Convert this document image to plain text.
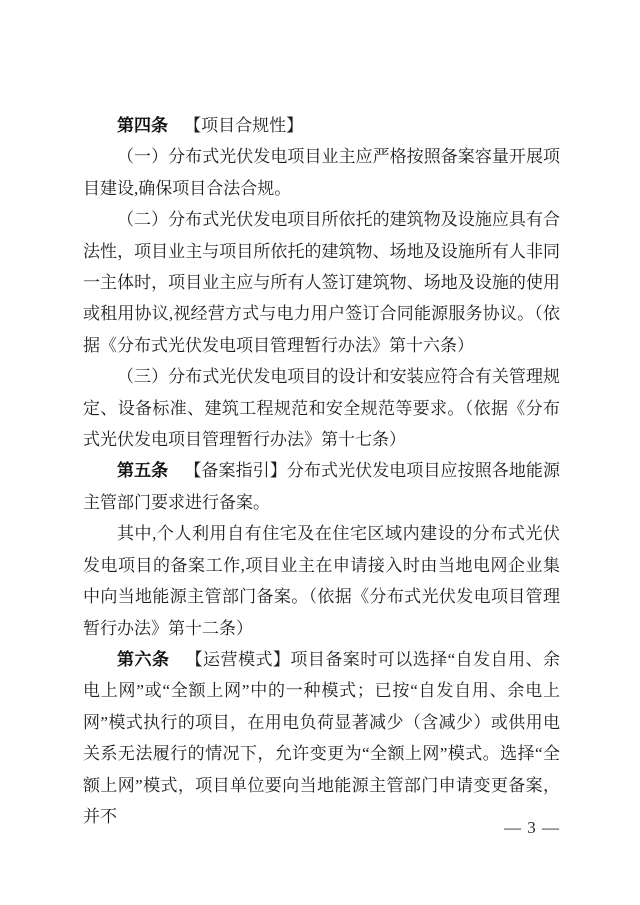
第四条 【项目合规性】

（一）分布式光伏发电项目业主应严格按照备案容量开展项目建设,确保项目合法合规。

（二）分布式光伏发电项目所依托的建筑物及设施应具有合法性，项目业主与项目所依托的建筑物、场地及设施所有人非同一主体时，项目业主应与所有人签订建筑物、场地及设施的使用或租用协议,视经营方式与电力用户签订合同能源服务协议。（依据《分布式光伏发电项目管理暂行办法》第十六条）

（三）分布式光伏发电项目的设计和安装应符合有关管理规定、设备标准、建筑工程规范和安全规范等要求。（依据《分布式光伏发电项目管理暂行办法》第十七条）

第五条 【备案指引】分布式光伏发电项目应按照各地能源主管部门要求进行备案。

其中,个人利用自有住宅及在住宅区域内建设的分布式光伏发电项目的备案工作,项目业主在申请接入时由当地电网企业集中向当地能源主管部门备案。（依据《分布式光伏发电项目管理暂行办法》第十二条）

第六条 【运营模式】项目备案时可以选择“自发自用、余电上网”或“全额上网”中的一种模式；已按“自发自用、余电上网”模式执行的项目，在用电负荷显著减少（含减少）或供用电关系无法履行的情况下，允许变更为“全额上网”模式。选择“全额上网”模式，项目单位要向当地能源主管部门申请变更备案，并不

— 3 —
